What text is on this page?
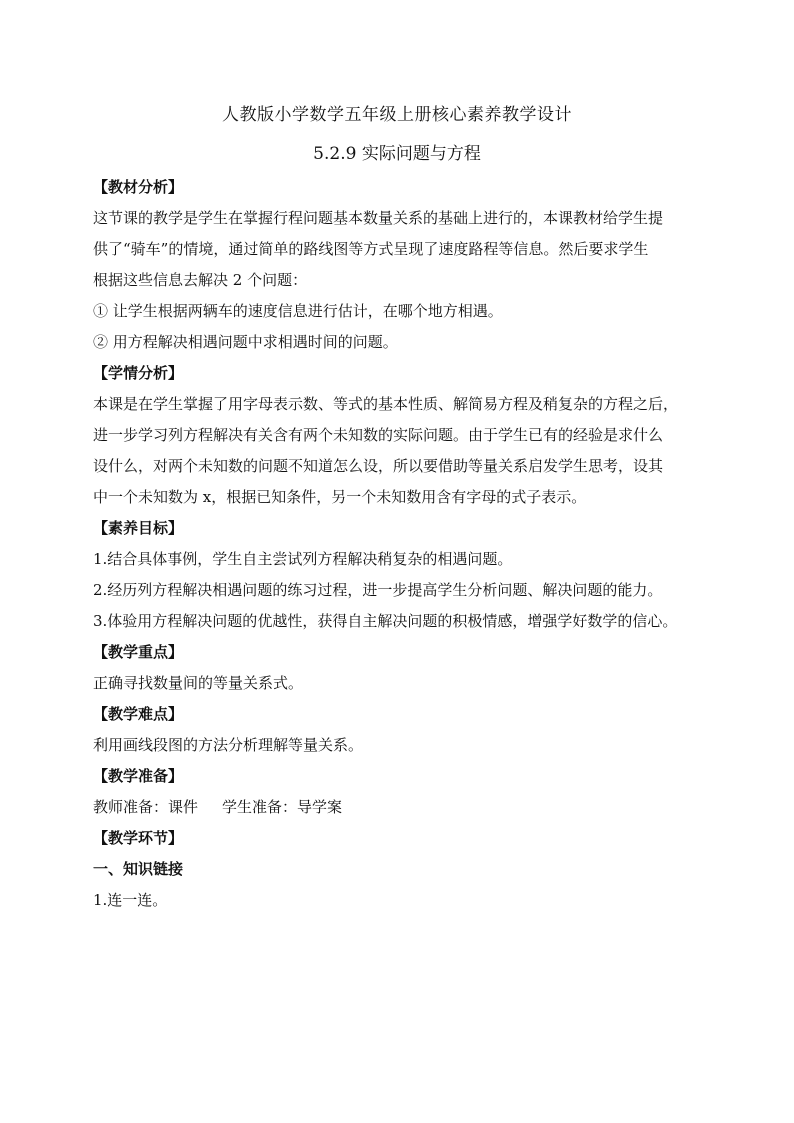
人教版小学数学五年级上册核心素养教学设计
5.2.9 实际问题与方程
【教材分析】
这节课的教学是学生在掌握行程问题基本数量关系的基础上进行的，本课教材给学生提
供了“骑车”的情境，通过简单的路线图等方式呈现了速度路程等信息。然后要求学生
根据这些信息去解决 2 个问题：
① 让学生根据两辆车的速度信息进行估计，在哪个地方相遇。
② 用方程解决相遇问题中求相遇时间的问题。
【学情分析】
本课是在学生掌握了用字母表示数、等式的基本性质、解简易方程及稍复杂的方程之后，
进一步学习列方程解决有关含有两个未知数的实际问题。由于学生已有的经验是求什么
设什么，对两个未知数的问题不知道怎么设，所以要借助等量关系启发学生思考，设其
中一个未知数为 x，根据已知条件，另一个未知数用含有字母的式子表示。
【素养目标】
1.结合具体事例，学生自主尝试列方程解决稍复杂的相遇问题。
2.经历列方程解决相遇问题的练习过程，进一步提高学生分析问题、解决问题的能力。
3.体验用方程解决问题的优越性，获得自主解决问题的积极情感，增强学好数学的信心。
【教学重点】
正确寻找数量间的等量关系式。
【教学难点】
利用画线段图的方法分析理解等量关系。
【教学准备】
教师准备：课件 学生准备：导学案
【教学环节】
一、知识链接
1.连一连。
